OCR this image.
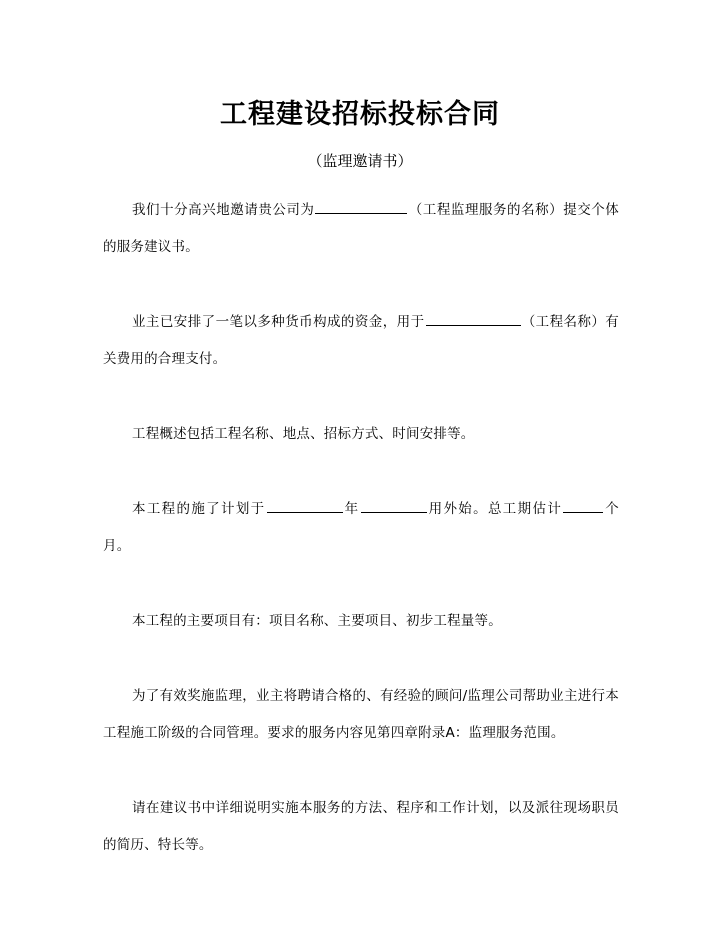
工程建设招标投标合同
（监理邀请书）

我们十分高兴地邀请贵公司为	（工程监理服务的名称）提交个体的服务建议书。

业主已安排了一笔以多种货币构成的资金，用于	（工程名称）有关费用的合理支付。

工程概述包括工程名称、地点、招标方式、时间安排等。

本工程的施了计划于	年	用外始。总工期估计	个月。

本工程的主要项目有：项目名称、主要项目、初步工程量等。

为了有效奖施监理，业主将聘请合格的、有经验的顾问/监理公司帮助业主进行本工程施工阶级的合同管理。要求的服务内容见第四章附录A：监理服务范围。

请在建议书中详细说明实施本服务的方法、程序和工作计划，以及派往现场职员的简历、特长等。
